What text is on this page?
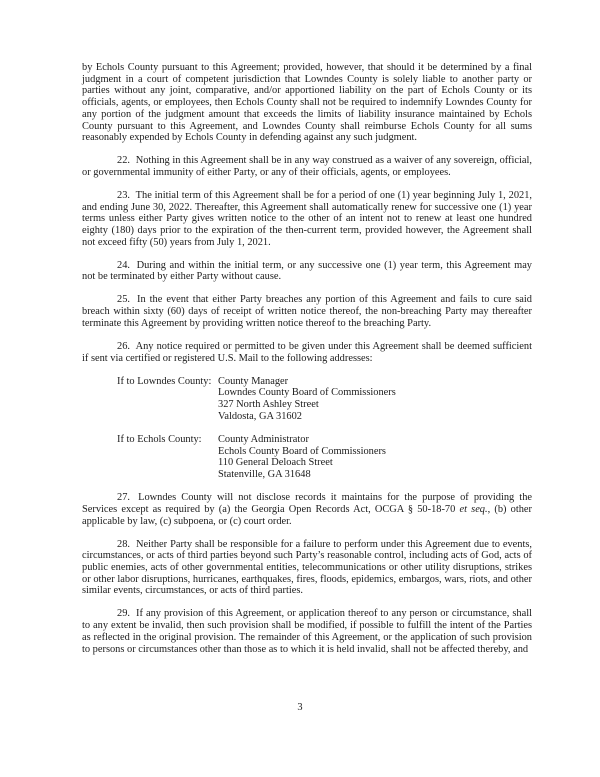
by Echols County pursuant to this Agreement; provided, however, that should it be determined by a final judgment in a court of competent jurisdiction that Lowndes County is solely liable to another party or parties without any joint, comparative, and/or apportioned liability on the part of Echols County or its officials, agents, or employees, then Echols County shall not be required to indemnify Lowndes County for any portion of the judgment amount that exceeds the limits of liability insurance maintained by Echols County pursuant to this Agreement, and Lowndes County shall reimburse Echols County for all sums reasonably expended by Echols County in defending against any such judgment.

22. Nothing in this Agreement shall be in any way construed as a waiver of any sovereign, official, or governmental immunity of either Party, or any of their officials, agents, or employees.

23. The initial term of this Agreement shall be for a period of one (1) year beginning July 1, 2021, and ending June 30, 2022. Thereafter, this Agreement shall automatically renew for successive one (1) year terms unless either Party gives written notice to the other of an intent not to renew at least one hundred eighty (180) days prior to the expiration of the then-current term, provided however, the Agreement shall not exceed fifty (50) years from July 1, 2021.

24. During and within the initial term, or any successive one (1) year term, this Agreement may not be terminated by either Party without cause.

25. In the event that either Party breaches any portion of this Agreement and fails to cure said breach within sixty (60) days of receipt of written notice thereof, the non-breaching Party may thereafter terminate this Agreement by providing written notice thereof to the breaching Party.

26. Any notice required or permitted to be given under this Agreement shall be deemed sufficient if sent via certified or registered U.S. Mail to the following addresses:

If to Lowndes County: County Manager
Lowndes County Board of Commissioners
327 North Ashley Street
Valdosta, GA 31602
If to Echols County:	County Administrator
Echols County Board of Commissioners
110 General Deloach Street
Statenville, GA 31648

27. Lowndes County will not disclose records it maintains for the purpose of providing the Services except as required by (a) the Georgia Open Records Act, OCGA § 50-18-70 et seq., (b) other applicable by law, (c) subpoena, or (c) court order.

28. Neither Party shall be responsible for a failure to perform under this Agreement due to events, circumstances, or acts of third parties beyond such Party’s reasonable control, including acts of God, acts of public enemies, acts of other governmental entities, telecommunications or other utility disruptions, strikes or other labor disruptions, hurricanes, earthquakes, fires, floods, epidemics, embargos, wars, riots, and other similar events, circumstances, or acts of third parties.

29. If any provision of this Agreement, or application thereof to any person or circumstance, shall to any extent be invalid, then such provision shall be modified, if possible to fulfill the intent of the Parties as reflected in the original provision. The remainder of this Agreement, or the application of such provision to persons or circumstances other than those as to which it is held invalid, shall not be affected thereby, and

3
